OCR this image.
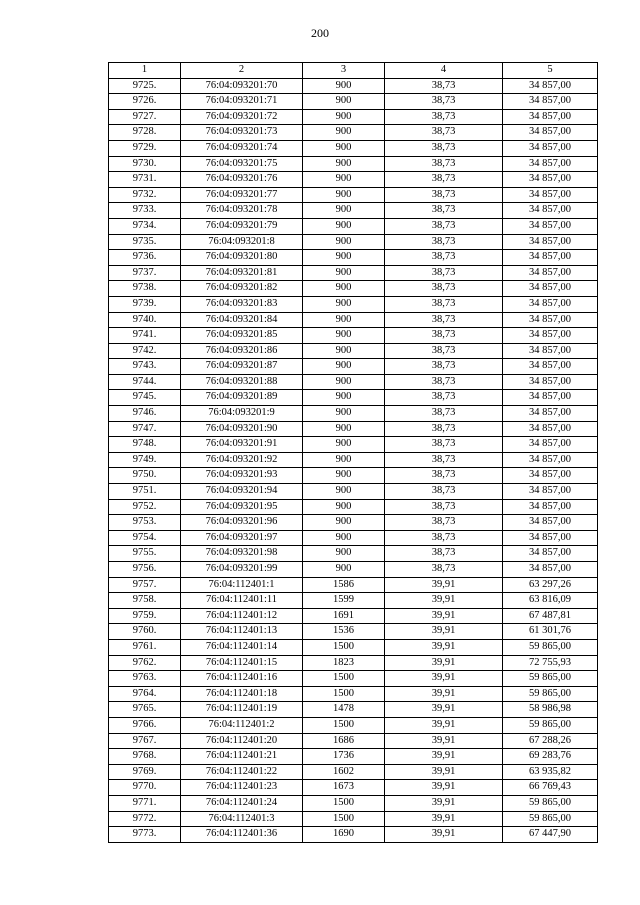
200
1	2	3	4	5
9725.	76:04:093201:70	900	38,73	34 857,00
9726.	76:04:093201:71	900	38,73	34 857,00
9727.	76:04:093201:72	900	38,73	34 857,00
9728.	76:04:093201:73	900	38,73	34 857,00
9729.	76:04:093201:74	900	38,73	34 857,00
9730.	76:04:093201:75	900	38,73	34 857,00
9731.	76:04:093201:76	900	38,73	34 857,00
9732.	76:04:093201:77	900	38,73	34 857,00
9733.	76:04:093201:78	900	38,73	34 857,00
9734.	76:04:093201:79	900	38,73	34 857,00
9735.	76:04:093201:8	900	38,73	34 857,00
9736.	76:04:093201:80	900	38,73	34 857,00
9737.	76:04:093201:81	900	38,73	34 857,00
9738.	76:04:093201:82	900	38,73	34 857,00
9739.	76:04:093201:83	900	38,73	34 857,00
9740.	76:04:093201:84	900	38,73	34 857,00
9741.	76:04:093201:85	900	38,73	34 857,00
9742.	76:04:093201:86	900	38,73	34 857,00
9743.	76:04:093201:87	900	38,73	34 857,00
9744.	76:04:093201:88	900	38,73	34 857,00
9745.	76:04:093201:89	900	38,73	34 857,00
9746.	76:04:093201:9	900	38,73	34 857,00
9747.	76:04:093201:90	900	38,73	34 857,00
9748.	76:04:093201:91	900	38,73	34 857,00
9749.	76:04:093201:92	900	38,73	34 857,00
9750.	76:04:093201:93	900	38,73	34 857,00
9751.	76:04:093201:94	900	38,73	34 857,00
9752.	76:04:093201:95	900	38,73	34 857,00
9753.	76:04:093201:96	900	38,73	34 857,00
9754.	76:04:093201:97	900	38,73	34 857,00
9755.	76:04:093201:98	900	38,73	34 857,00
9756.	76:04:093201:99	900	38,73	34 857,00
9757.	76:04:112401:1	1586	39,91	63 297,26
9758.	76:04:112401:11	1599	39,91	63 816,09
9759.	76:04:112401:12	1691	39,91	67 487,81
9760.	76:04:112401:13	1536	39,91	61 301,76
9761.	76:04:112401:14	1500	39,91	59 865,00
9762.	76:04:112401:15	1823	39,91	72 755,93
9763.	76:04:112401:16	1500	39,91	59 865,00
9764.	76:04:112401:18	1500	39,91	59 865,00
9765.	76:04:112401:19	1478	39,91	58 986,98
9766.	76:04:112401:2	1500	39,91	59 865,00
9767.	76:04:112401:20	1686	39,91	67 288,26
9768.	76:04:112401:21	1736	39,91	69 283,76
9769.	76:04:112401:22	1602	39,91	63 935,82
9770.	76:04:112401:23	1673	39,91	66 769,43
9771.	76:04:112401:24	1500	39,91	59 865,00
9772.	76:04:112401:3	1500	39,91	59 865,00
9773.	76:04:112401:36	1690	39,91	67 447,90
